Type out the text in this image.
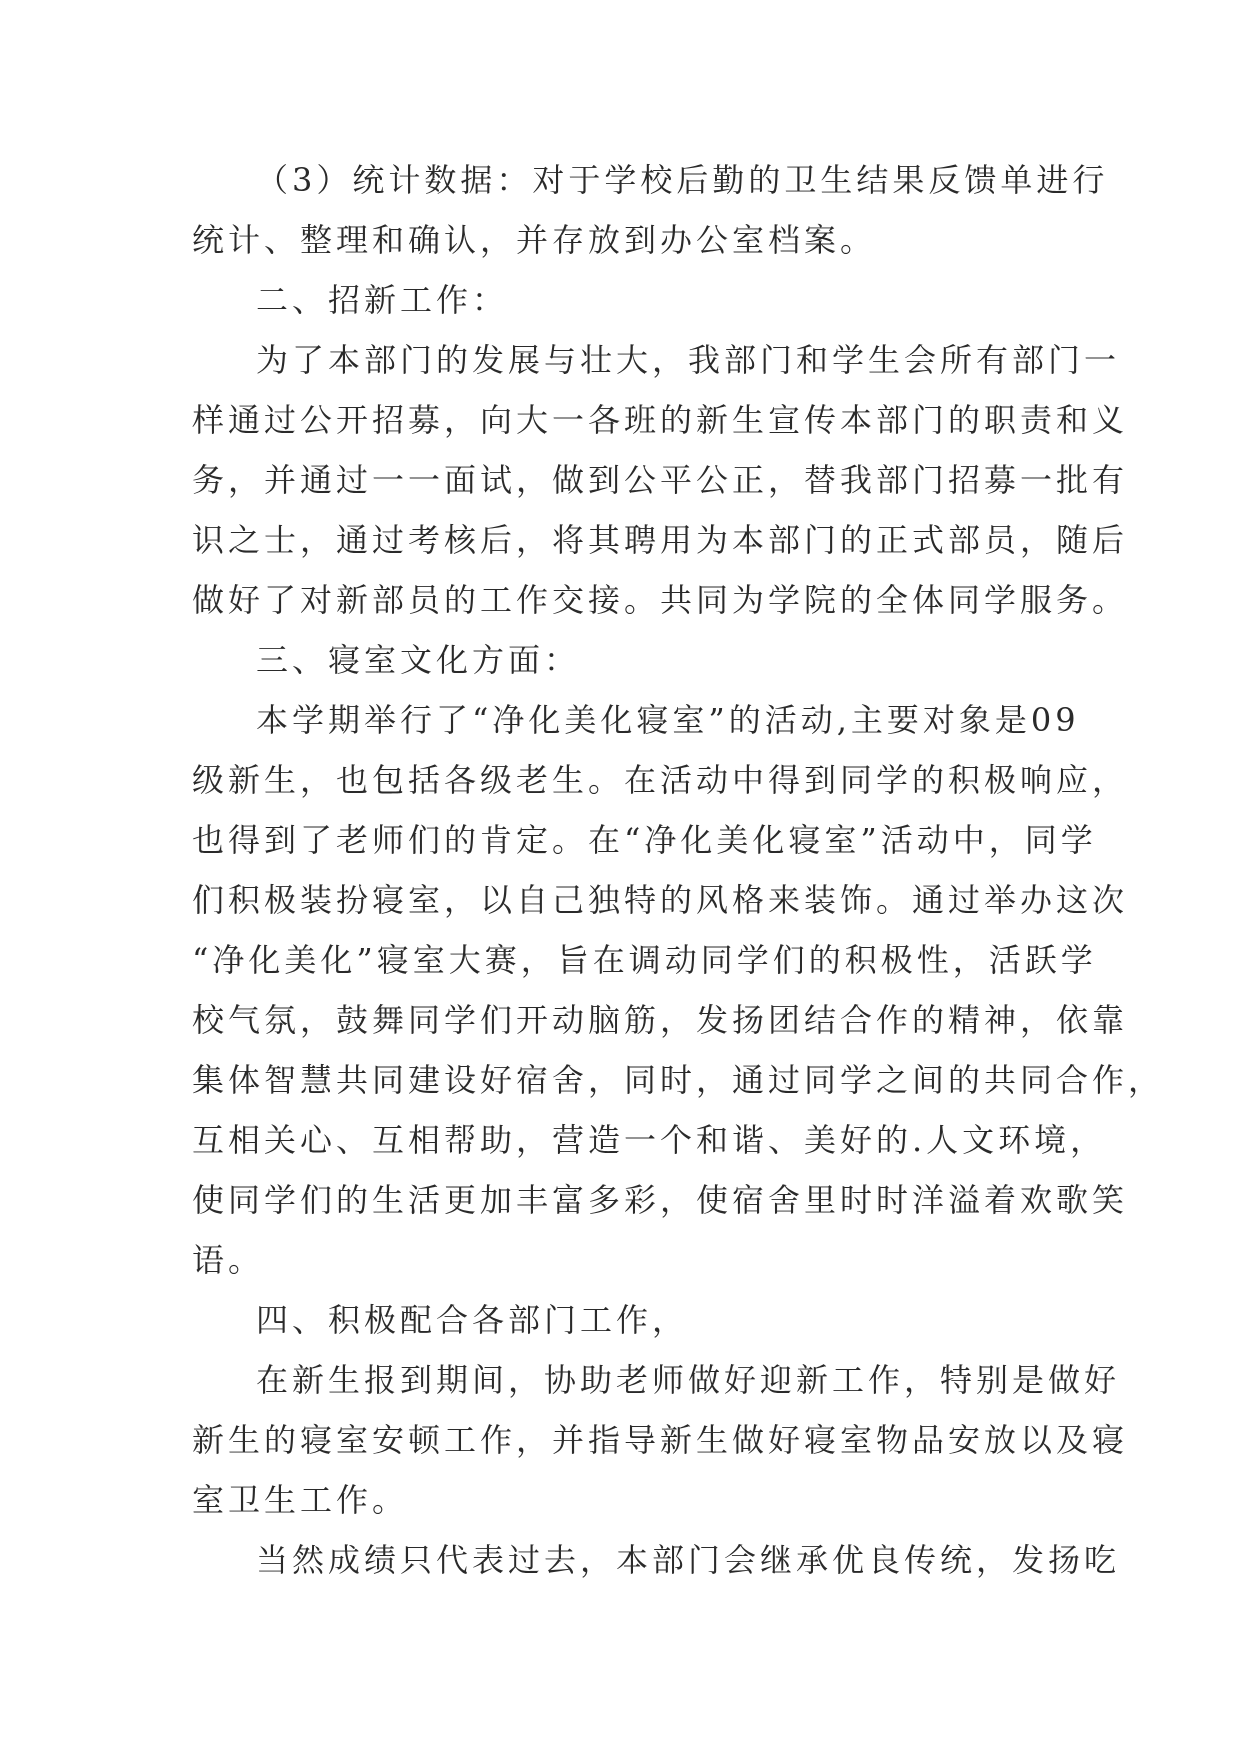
（3）统计数据：对于学校后勤的卫生结果反馈单进行
统计、整理和确认，并存放到办公室档案。
二、招新工作：
为了本部门的发展与壮大，我部门和学生会所有部门一
样通过公开招募，向大一各班的新生宣传本部门的职责和义
务，并通过一一面试，做到公平公正，替我部门招募一批有
识之士，通过考核后，将其聘用为本部门的正式部员，随后
做好了对新部员的工作交接。共同为学院的全体同学服务。
三、寝室文化方面：
本学期举行了“净化美化寝室”的活动,主要对象是09
级新生，也包括各级老生。在活动中得到同学的积极响应，
也得到了老师们的肯定。在“净化美化寝室”活动中，同学
们积极装扮寝室，以自己独特的风格来装饰。通过举办这次
“净化美化”寝室大赛，旨在调动同学们的积极性，活跃学
校气氛，鼓舞同学们开动脑筋，发扬团结合作的精神，依靠
集体智慧共同建设好宿舍，同时，通过同学之间的共同合作，
互相关心、互相帮助，营造一个和谐、美好的.人文环境，
使同学们的生活更加丰富多彩，使宿舍里时时洋溢着欢歌笑
语。
四、积极配合各部门工作，
在新生报到期间，协助老师做好迎新工作，特别是做好
新生的寝室安顿工作，并指导新生做好寝室物品安放以及寝
室卫生工作。
当然成绩只代表过去，本部门会继承优良传统，发扬吃
